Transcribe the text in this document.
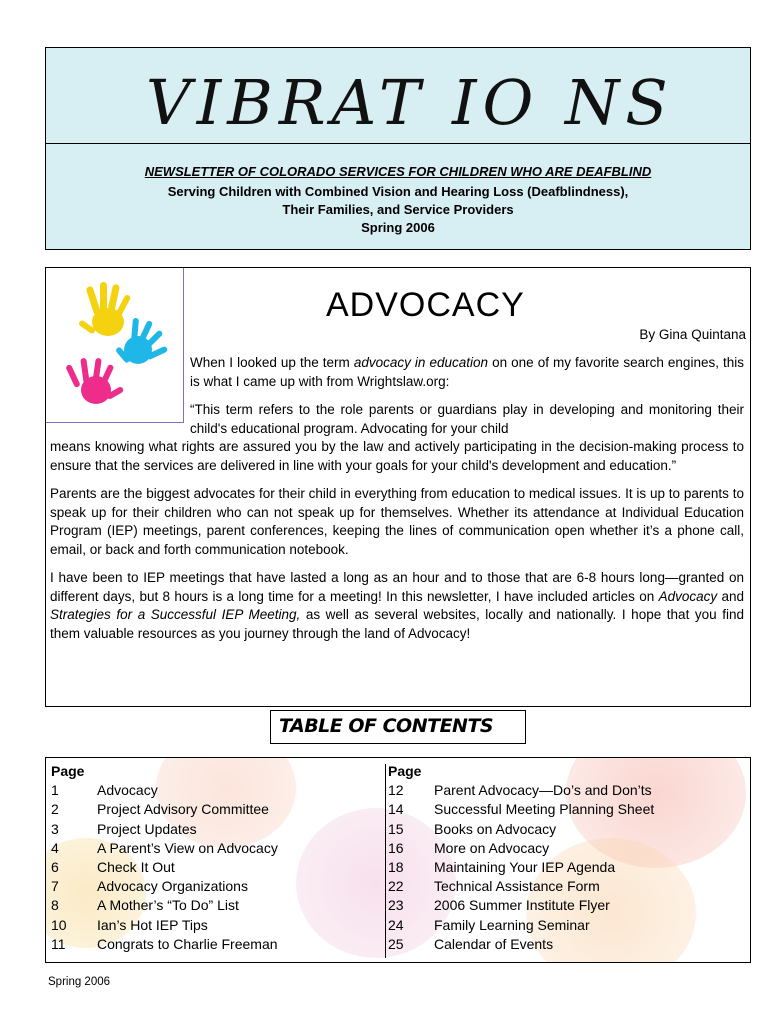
VIBRAT IO NS
NEWSLETTER OF COLORADO SERVICES FOR CHILDREN WHO ARE DEAFBLIND
Serving Children with Combined Vision and Hearing Loss (Deafblindness),
Their Families, and Service Providers
Spring 2006
ADVOCACY
By Gina Quintana

When I looked up the term advocacy in education on one of my favorite search engines, this is what I came up with from Wrightslaw.org:

“This term refers to the role parents or guardians play in developing and monitoring their child's educational program. Advocating for your child
means knowing what rights are assured you by the law and actively participating in the decision-making process to ensure that the services are delivered in line with your goals for your child's development and education.”

Parents are the biggest advocates for their child in everything from education to medical issues. It is up to parents to speak up for their children who can not speak up for themselves. Whether its attendance at Individual Education Program (IEP) meetings, parent conferences, keeping the lines of communication open whether it’s a phone call, email, or back and forth communication notebook.

I have been to IEP meetings that have lasted a long as an hour and to those that are 6-8 hours long—granted on different days, but 8 hours is a long time for a meeting! In this newsletter, I have included articles on Advocacy and Strategies for a Successful IEP Meeting, as well as several websites, locally and nationally. I hope that you find them valuable resources as you journey through the land of Advocacy!

TABLE OF CONTENTS
Page
1	Advocacy
2	Project Advisory Committee
3	Project Updates
4	A Parent’s View on Advocacy
6	Check It Out
7	Advocacy Organizations
8	A Mother’s “To Do” List
10	Ian’s Hot IEP Tips
11	Congrats to Charlie Freeman
Page
12	Parent Advocacy—Do’s and Don’ts
14	Successful Meeting Planning Sheet
15	Books on Advocacy
16	More on Advocacy
18	Maintaining Your IEP Agenda
22	Technical Assistance Form
23	2006 Summer Institute Flyer
24	Family Learning Seminar
25	Calendar of Events
Spring 2006
